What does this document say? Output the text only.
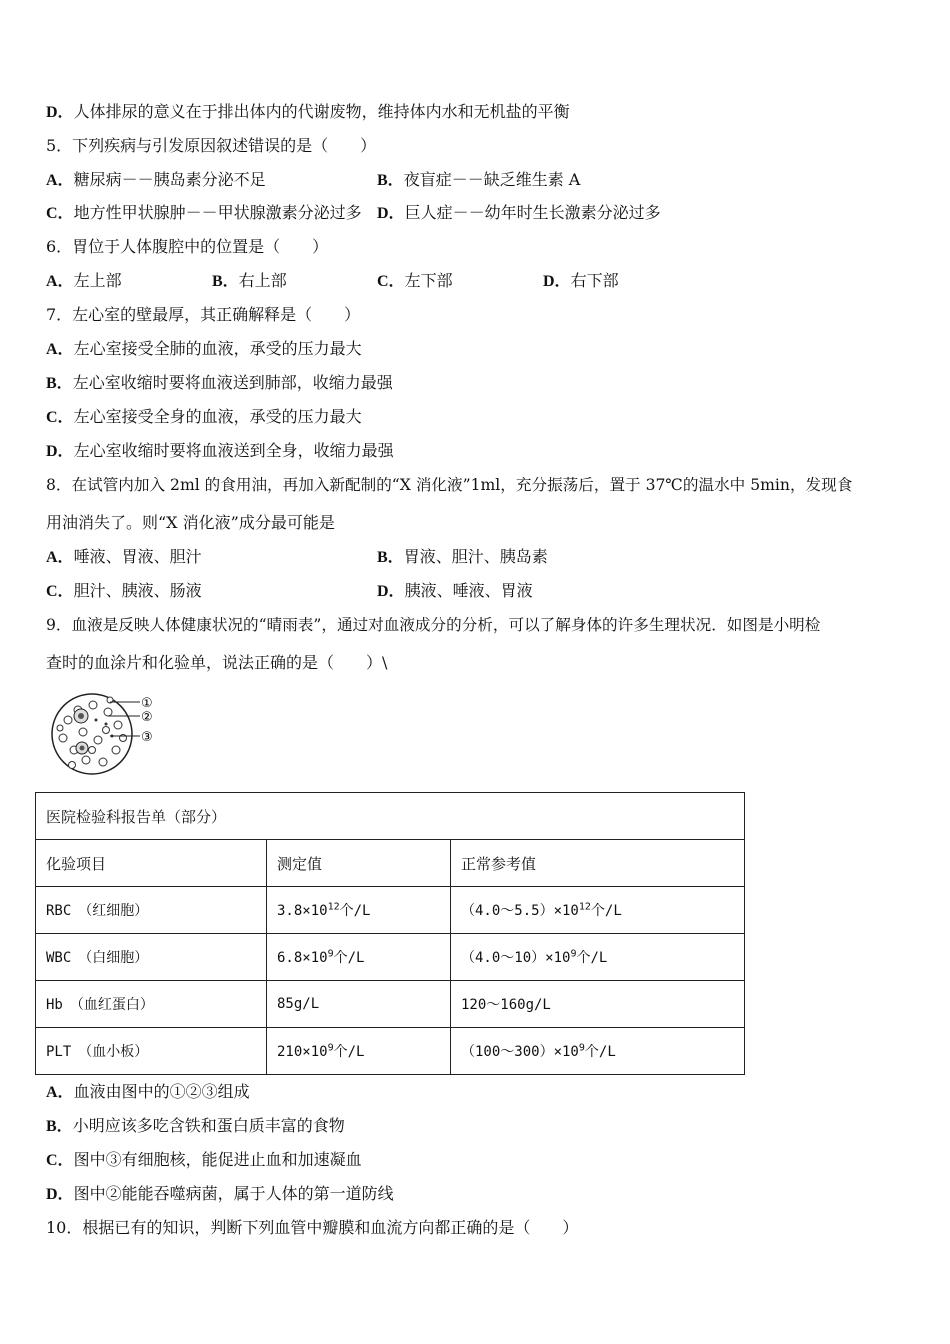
D．人体排尿的意义在于排出体内的代谢废物，维持体内水和无机盐的平衡
5．下列疾病与引发原因叙述错误的是（　　）
A．糖尿病－－胰岛素分泌不足	B．夜盲症－－缺乏维生素 A
C．地方性甲状腺肿－－甲状腺激素分泌过多 D．巨人症－－幼年时生长激素分泌过多
6．胃位于人体腹腔中的位置是（　　）
A．左上部	B．右上部	C．左下部	D．右下部
7．左心室的壁最厚，其正确解释是（　　）
A．左心室接受全肺的血液，承受的压力最大
B．左心室收缩时要将血液送到肺部，收缩力最强
C．左心室接受全身的血液，承受的压力最大
D．左心室收缩时要将血液送到全身，收缩力最强
8．在试管内加入 2ml 的食用油，再加入新配制的“X 消化液”1ml，充分振荡后，置于 37℃的温水中 5min，发现食
用油消失了。则“X 消化液”成分最可能是
A．唾液、胃液、胆汁	B．胃液、胆汁、胰岛素
C．胆汁、胰液、肠液	D．胰液、唾液、胃液
9．血液是反映人体健康状况的“晴雨表”，通过对血液成分的分析，可以了解身体的许多生理状况．如图是小明检
查时的血涂片和化验单，说法正确的是（　　）\
①
②
③
医院检验科报告单（部分）		
化验项目	测定值	正常参考值
RBC　（红细胞）	$3.8\times 10^{12}$个/L	$(4.0\sim 5.5)\times 10^{12}$个/L
WBC　（白细胞）	$6.8\times 10^9$个/L	$(4.0\sim 10)\times 10^9$个/L
Hb　（血红蛋白）	85g/L	120～160g/L
PLT　（血小板）	$210\times 10^9$个/L	$(100\sim 300)\times 10^9$个/L
A．血液由图中的①②③组成
B．小明应该多吃含铁和蛋白质丰富的食物
C．图中③有细胞核，能促进止血和加速凝血
D．图中②能能吞噬病菌，属于人体的第一道防线
10．根据已有的知识，判断下列血管中瓣膜和血流方向都正确的是（　　）
